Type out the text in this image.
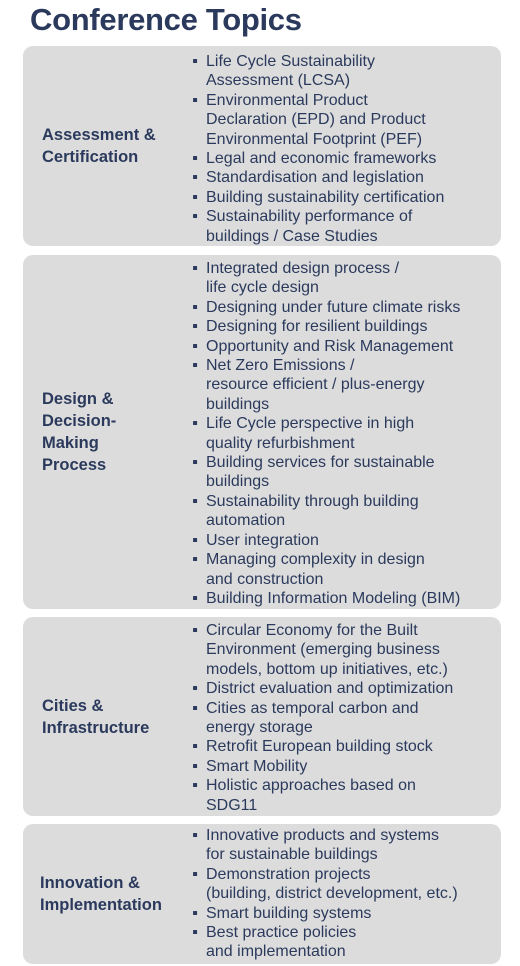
Conference Topics
Assessment &
Certification
▪ Life Cycle Sustainability
Assessment (LCSA)
▪ Environmental Product
Declaration (EPD) and Product
Environmental Footprint (PEF)
▪ Legal and economic frameworks
▪ Standardisation and legislation
▪ Building sustainability certification
▪ Sustainability performance of
buildings / Case Studies
Design &
Decision-
Making
Process
▪ Integrated design process /
life cycle design
▪ Designing under future climate risks
▪ Designing for resilient buildings
▪ Opportunity and Risk Management
▪ Net Zero Emissions /
resource efficient / plus-energy
buildings
▪ Life Cycle perspective in high
quality refurbishment
▪ Building services for sustainable
buildings
▪ Sustainability through building
automation
▪ User integration
▪ Managing complexity in design
and construction
▪ Building Information Modeling (BIM)
Cities &
Infrastructure
▪ Circular Economy for the Built
Environment (emerging business
models, bottom up initiatives, etc.)
▪ District evaluation and optimization
▪ Cities as temporal carbon and
energy storage
▪ Retrofit European building stock
▪ Smart Mobility
▪ Holistic approaches based on
SDG11
Innovation &
Implementation
▪ Innovative products and systems
for sustainable buildings
▪ Demonstration projects
(building, district development, etc.)
▪ Smart building systems
▪ Best practice policies
and implementation
